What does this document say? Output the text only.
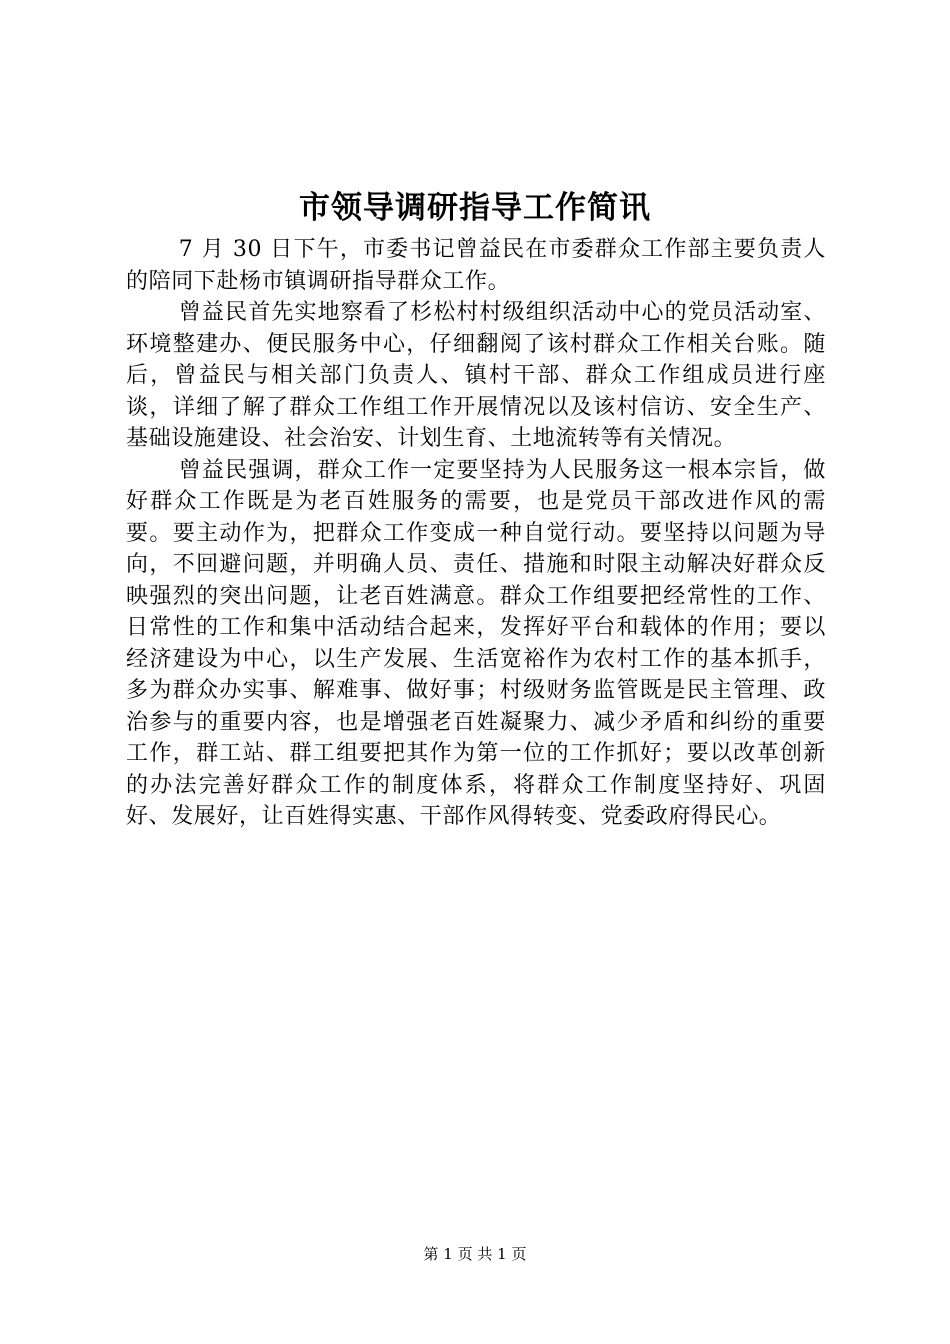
市领导调研指导工作简讯

7 月 30 日下午，市委书记曾益民在市委群众工作部主要负责人的陪同下赴杨市镇调研指导群众工作。

曾益民首先实地察看了杉松村村级组织活动中心的党员活动室、环境整建办、便民服务中心，仔细翻阅了该村群众工作相关台账。随后，曾益民与相关部门负责人、镇村干部、群众工作组成员进行座谈，详细了解了群众工作组工作开展情况以及该村信访、安全生产、基础设施建设、社会治安、计划生育、土地流转等有关情况。

曾益民强调，群众工作一定要坚持为人民服务这一根本宗旨，做好群众工作既是为老百姓服务的需要，也是党员干部改进作风的需要。要主动作为，把群众工作变成一种自觉行动。要坚持以问题为导向，不回避问题，并明确人员、责任、措施和时限主动解决好群众反映强烈的突出问题，让老百姓满意。群众工作组要把经常性的工作、日常性的工作和集中活动结合起来，发挥好平台和载体的作用；要以经济建设为中心，以生产发展、生活宽裕作为农村工作的基本抓手，多为群众办实事、解难事、做好事；村级财务监管既是民主管理、政治参与的重要内容，也是增强老百姓凝聚力、减少矛盾和纠纷的重要工作，群工站、群工组要把其作为第一位的工作抓好；要以改革创新的办法完善好群众工作的制度体系，将群众工作制度坚持好、巩固好、发展好，让百姓得实惠、干部作风得转变、党委政府得民心。

第 1 页 共 1 页
